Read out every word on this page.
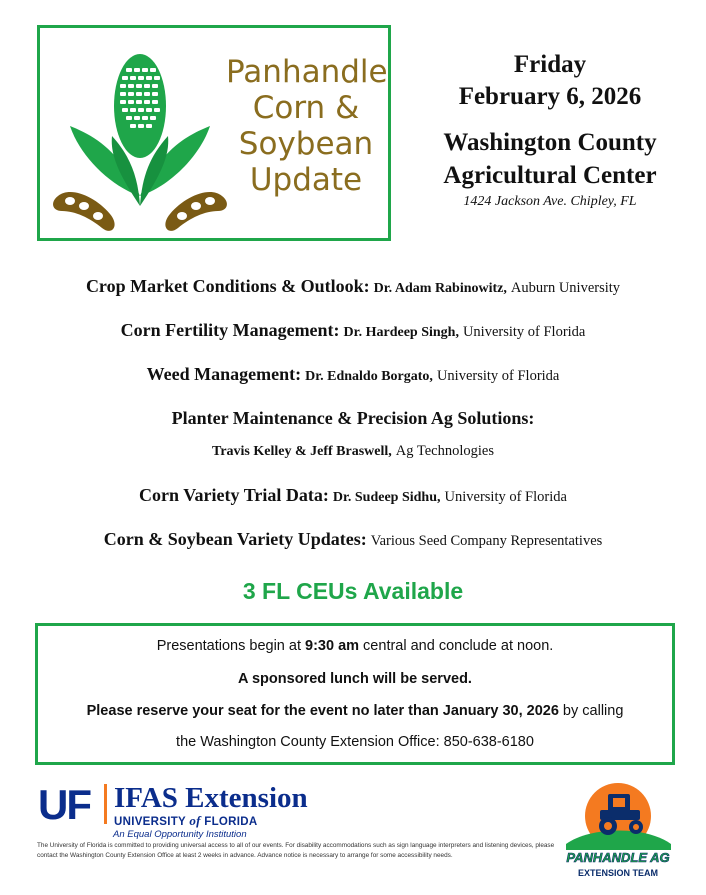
Panhandle
Corn &
Soybean
Update
Friday
February 6, 2026
Washington County
Agricultural Center
1424 Jackson Ave. Chipley, FL
Crop Market Conditions & Outlook: Dr. Adam Rabinowitz, Auburn University
Corn Fertility Management: Dr. Hardeep Singh, University of Florida
Weed Management: Dr. Ednaldo Borgato, University of Florida
Planter Maintenance & Precision Ag Solutions:
Travis Kelley & Jeff Braswell, Ag Technologies
Corn Variety Trial Data: Dr. Sudeep Sidhu, University of Florida
Corn & Soybean Variety Updates: Various Seed Company Representatives
3 FL CEUs Available
Presentations begin at 9:30 am central and conclude at noon.
A sponsored lunch will be served.
Please reserve your seat for the event no later than January 30, 2026 by calling
the Washington County Extension Office: 850-638-6180
UF IFAS Extension
UNIVERSITY of FLORIDA
An Equal Opportunity Institution
The University of Florida is committed to providing universal access to all of our events. For disability accommodations such as sign language interpreters and listening devices, please contact the Washington County Extension Office at least 2 weeks in advance. Advance notice is necessary to arrange for some accessibility needs.	PANHANDLE AG
EXTENSION TEAM
